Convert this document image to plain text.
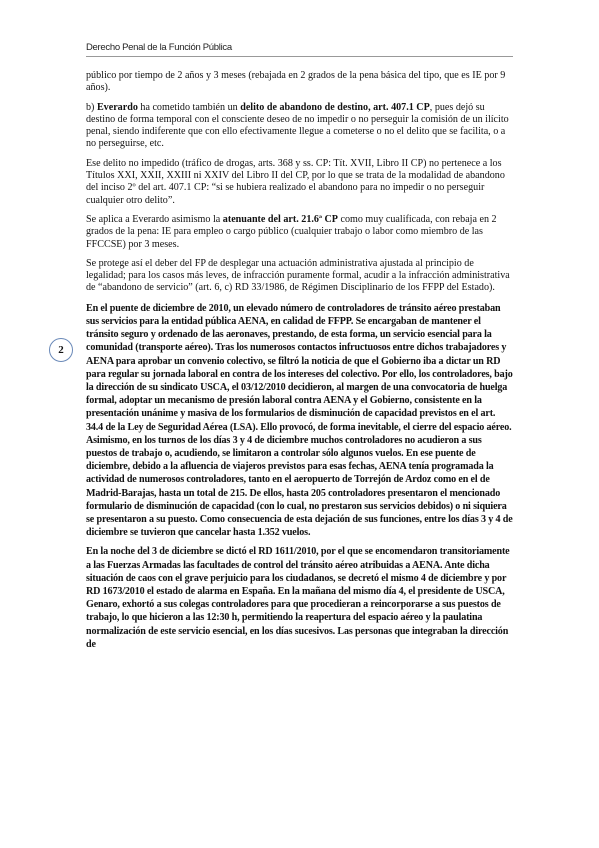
Derecho Penal de la Función Pública
2

público por tiempo de 2 años y 3 meses (rebajada en 2 grados de la pena básica del tipo, que es IE por 9 años).

b) Everardo ha cometido también un delito de abandono de destino, art. 407.1 CP, pues dejó su destino de forma temporal con el consciente deseo de no impedir o no perseguir la comisión de un ilícito penal, siendo indiferente que con ello efectivamente llegue a cometerse o no el delito que se facilita, o a no perseguirse, etc.

Ese delito no impedido (tráfico de drogas, arts. 368 y ss. CP: Tít. XVII, Libro II CP) no pertenece a los Títulos XXI, XXII, XXIII ni XXIV del Libro II del CP, por lo que se trata de la modalidad de abandono del inciso 2º del art. 407.1 CP: “si se hubiera realizado el abandono para no impedir o no perseguir cualquier otro delito”.

Se aplica a Everardo asimismo la atenuante del art. 21.6ª CP como muy cualificada, con rebaja en 2 grados de la pena: IE para empleo o cargo público (cualquier trabajo o labor como miembro de las FFCCSE) por 3 meses.

Se protege así el deber del FP de desplegar una actuación administrativa ajustada al principio de legalidad; para los casos más leves, de infracción puramente formal, acudir a la infracción administrativa de “abandono de servicio” (art. 6, c) RD 33/1986, de Régimen Disciplinario de los FFPP del Estado).

En el puente de diciembre de 2010, un elevado número de controladores de tránsito aéreo prestaban sus servicios para la entidad pública AENA, en calidad de FFPP. Se encargaban de mantener el tránsito seguro y ordenado de las aeronaves, prestando, de esta forma, un servicio esencial para la comunidad (transporte aéreo). Tras los numerosos contactos infructuosos entre dichos trabajadores y AENA para aprobar un convenio colectivo, se filtró la noticia de que el Gobierno iba a dictar un RD para regular su jornada laboral en contra de los intereses del colectivo. Por ello, los controladores, bajo la dirección de su sindicato USCA, el 03/12/2010 decidieron, al margen de una convocatoria de huelga formal, adoptar un mecanismo de presión laboral contra AENA y el Gobierno, consistente en la presentación unánime y masiva de los formularios de disminución de capacidad previstos en el art. 34.4 de la Ley de Seguridad Aérea (LSA). Ello provocó, de forma inevitable, el cierre del espacio aéreo. Asimismo, en los turnos de los días 3 y 4 de diciembre muchos controladores no acudieron a sus puestos de trabajo o, acudiendo, se limitaron a controlar sólo algunos vuelos. En ese puente de diciembre, debido a la afluencia de viajeros previstos para esas fechas, AENA tenía programada la actividad de numerosos controladores, tanto en el aeropuerto de Torrejón de Ardoz como en el de Madrid-Barajas, hasta un total de 215. De ellos, hasta 205 controladores presentaron el mencionado formulario de disminución de capacidad (con lo cual, no prestaron sus servicios debidos) o ni siquiera se presentaron a su puesto. Como consecuencia de esta dejación de sus funciones, entre los días 3 y 4 de diciembre se tuvieron que cancelar hasta 1.352 vuelos.

En la noche del 3 de diciembre se dictó el RD 1611/2010, por el que se encomendaron transitoriamente a las Fuerzas Armadas las facultades de control del tránsito aéreo atribuidas a AENA. Ante dicha situación de caos con el grave perjuicio para los ciudadanos, se decretó el mismo 4 de diciembre y por RD 1673/2010 el estado de alarma en España. En la mañana del mismo día 4, el presidente de USCA, Genaro, exhortó a sus colegas controladores para que procedieran a reincorporarse a sus puestos de trabajo, lo que hicieron a las 12:30 h, permitiendo la reapertura del espacio aéreo y la paulatina normalización de este servicio esencial, en los días sucesivos. Las personas que integraban la dirección de
